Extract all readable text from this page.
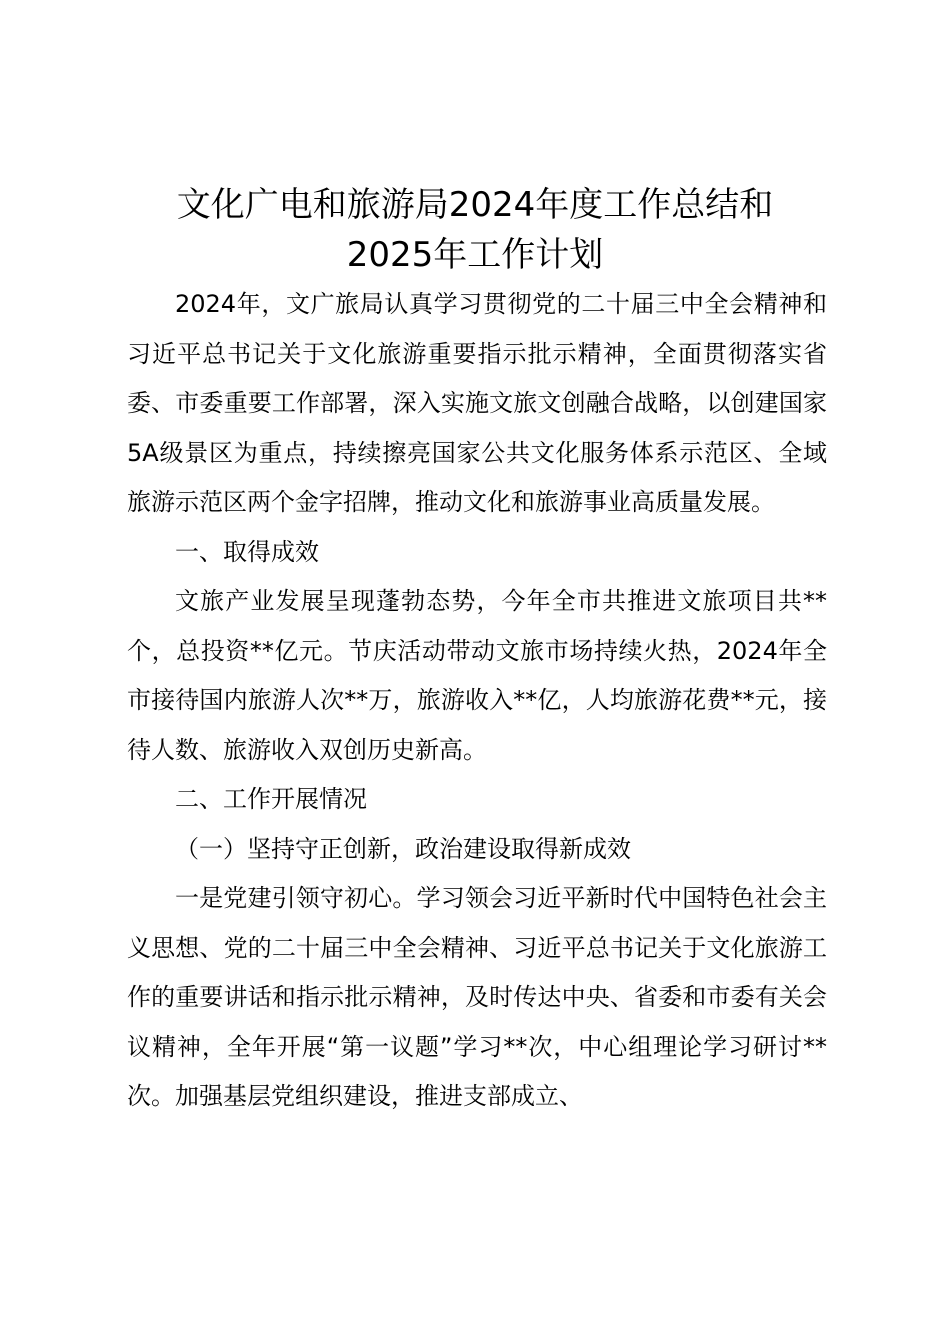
文化广电和旅游局2024年度工作总结和
2025年工作计划

2024年，文广旅局认真学习贯彻党的二十届三中全会精神和习近平总书记关于文化旅游重要指示批示精神，全面贯彻落实省委、市委重要工作部署，深入实施文旅文创融合战略，以创建国家5A级景区为重点，持续擦亮国家公共文化服务体系示范区、全域旅游示范区两个金字招牌，推动文化和旅游事业高质量发展。

一、取得成效

文旅产业发展呈现蓬勃态势，今年全市共推进文旅项目共**个，总投资**亿元。节庆活动带动文旅市场持续火热，2024年全市接待国内旅游人次**万，旅游收入**亿，人均旅游花费**元，接待人数、旅游收入双创历史新高。

二、工作开展情况

（一）坚持守正创新，政治建设取得新成效

一是党建引领守初心。学习领会习近平新时代中国特色社会主义思想、党的二十届三中全会精神、习近平总书记关于文化旅游工作的重要讲话和指示批示精神，及时传达中央、省委和市委有关会议精神，全年开展“第一议题”学习**次，中心组理论学习研讨**次。加强基层党组织建设，推进支部成立、
